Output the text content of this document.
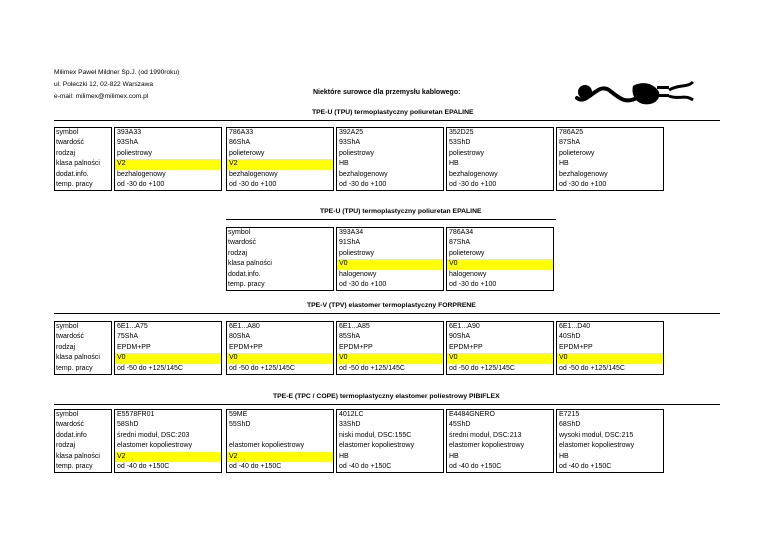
Milimex Paweł Mildner Sp.J. (od 1990roku)
ul. Poleczki 12, 02-822 Warszawa
e-mail: milimex@milimex.com.pl
Niektóre surowce dla przemysłu kablowego:
TPE-U (TPU) termoplastyczny poliuretan EPALINE
symbol
twardość
rodzaj
klasa palności
dodat.info.
temp. pracy
393A33
93ShA
poliestrowy
V2
bezhalogenowy
od -30 do +100
786A33
86ShA
polieterowy
V2
bezhalogenowy
od -30 do +100
392A25
93ShA
poliestrowy
HB
bezhalogenowy
od -30 do +100
352D25
53ShD
poliestrowy
HB
bezhalogenowy
od -30 do +100
786A25
87ShA
polieterowy
HB
bezhalogenowy
od -30 do +100
TPE-U (TPU) termoplastyczny poliuretan EPALINE
symbol
twardość
rodzaj
klasa palności
dodat.info.
temp. pracy
393A34
91ShA
poliestrowy
V0
halogenowy
od -30 do +100
786A34
87ShA
polieterowy
V0
halogenowy
od -30 do +100
TPE-V (TPV) elastomer termoplastyczny FORPRENE
symbol
twardość
rodzaj
klasa palności
temp. pracy
6E1...A75
75ShA
EPDM+PP
V0
od -50 do +125/145C
6E1...A80
80ShA
EPDM+PP
V0
od -50 do +125/145C
6E1...A85
85ShA
EPDM+PP
V0
od -50 do +125/145C
6E1...A90
90ShA
EPDM+PP
V0
od -50 do +125/145C
6E1...D40
40ShD
EPDM+PP
V0
od -50 do +125/145C
TPE-E (TPC / COPE) termoplastyczny elastomer poliestrowy PIBIFLEX
symbol
twardość
dodat.info
rodzaj
klasa palności
temp. pracy
E5578FR01
58ShD
średni moduł, DSC:203
elastomer kopoliestrowy
V2
od -40 do +150C
59ME
55ShD
elastomer kopoliestrowy
V2
od -40 do +150C
4012LC
33ShD
niski moduł, DSC:155C
elastomer kopoliestrowy
HB
od -40 do +150C
E4484GNERO
45ShD
średni moduł, DSC:213
elastomer kopoliestrowy
HB
od -40 do +150C
E7215
68ShD
wysoki moduł, DSC:215
elastomer kopoliestrowy
HB
od -40 do +150C
